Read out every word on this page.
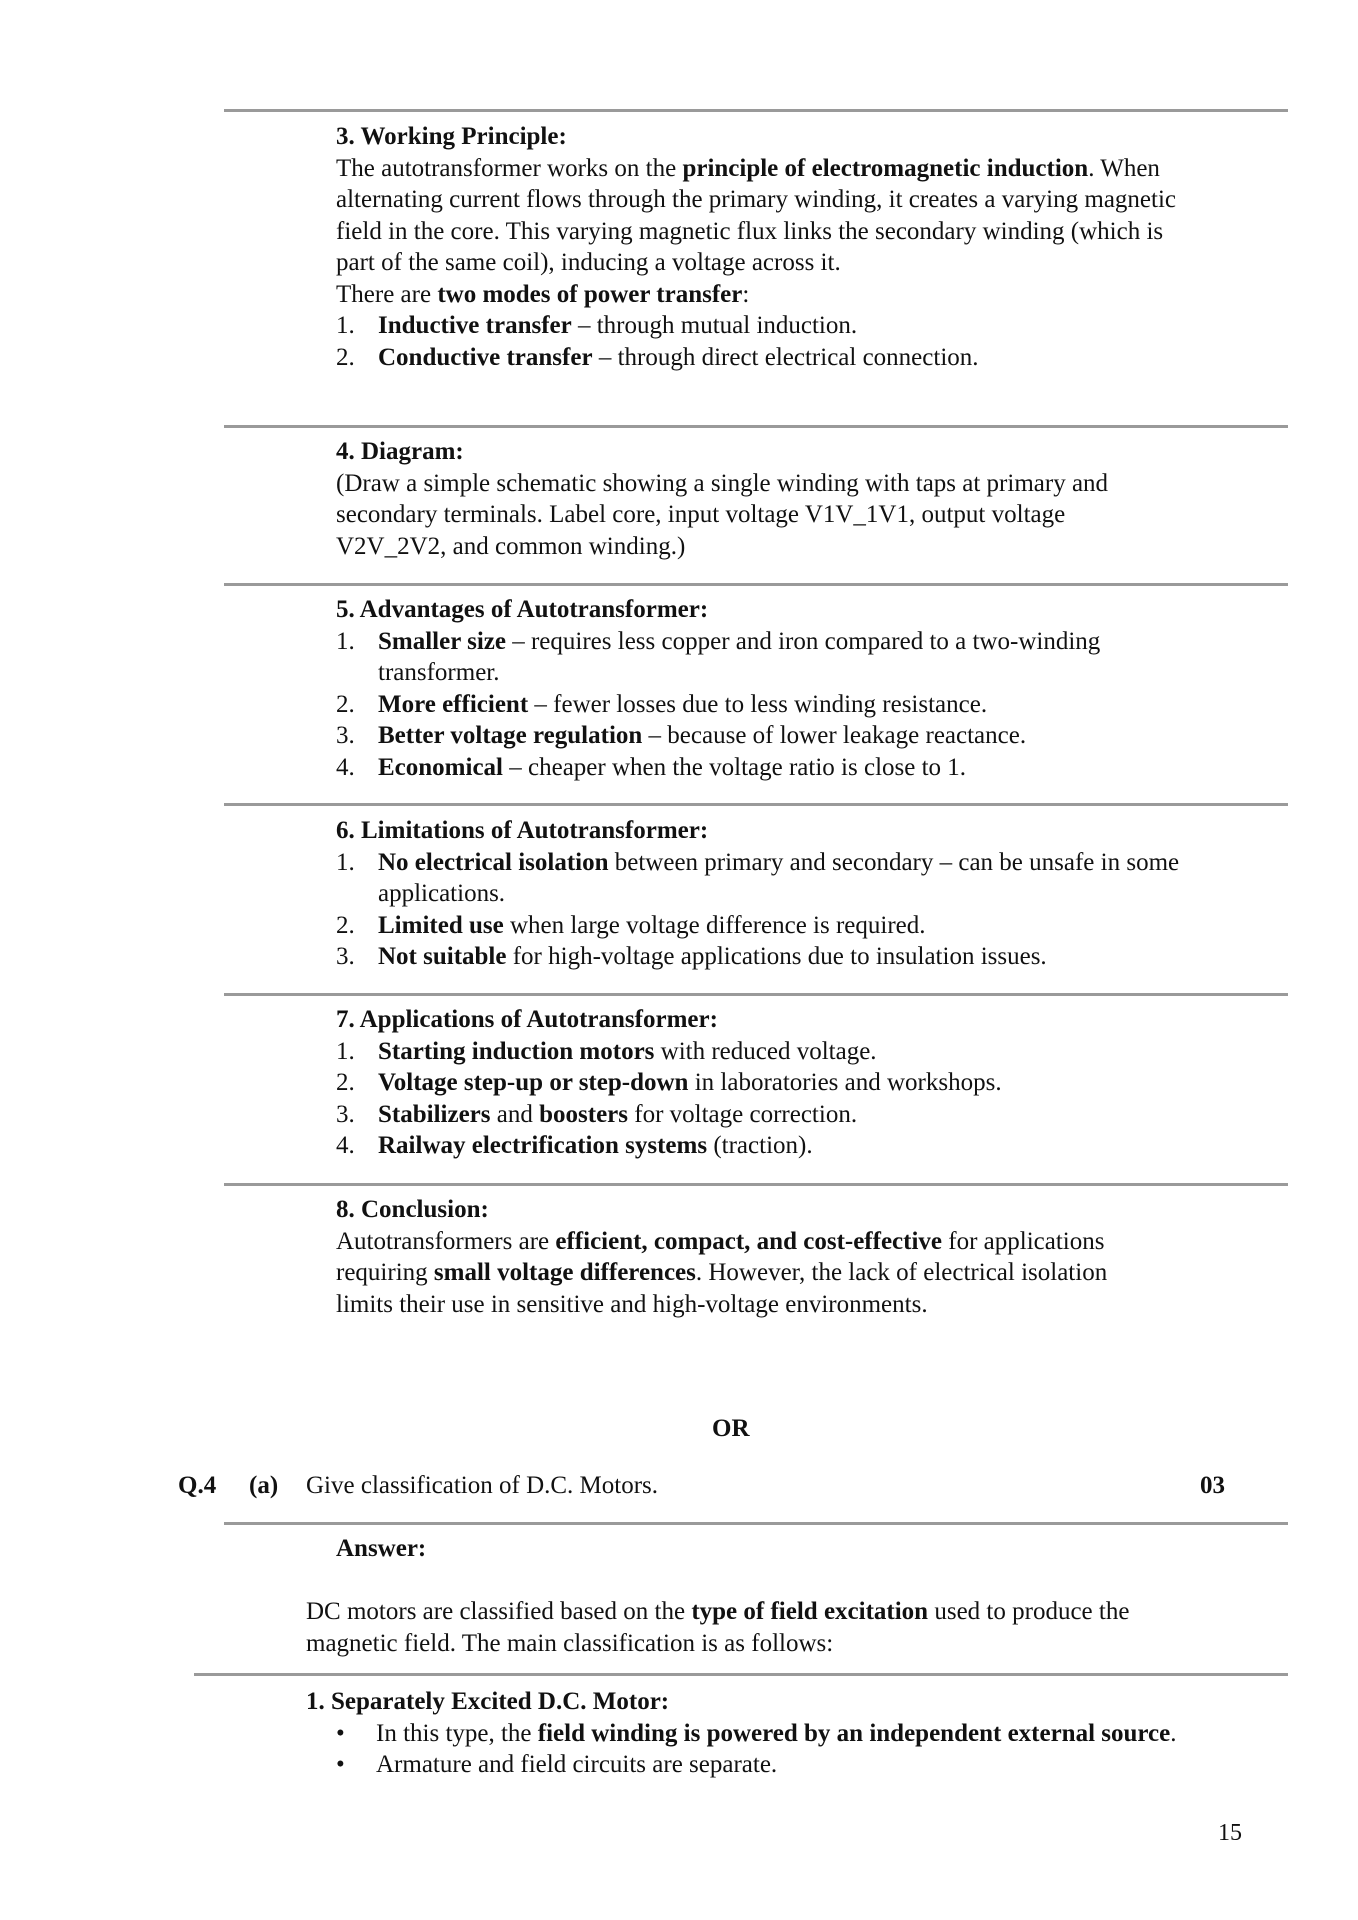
3. Working Principle:

The autotransformer works on the principle of electromagnetic induction. When alternating current flows through the primary winding, it creates a varying magnetic field in the core. This varying magnetic flux links the secondary winding (which is part of the same coil), inducing a voltage across it.

There are two modes of power transfer:

1. Inductive transfer – through mutual induction.
2. Conductive transfer – through direct electrical connection.

4. Diagram:

(Draw a simple schematic showing a single winding with taps at primary and secondary terminals. Label core, input voltage V1V_1V1, output voltage V2V_2V2, and common winding.)

5. Advantages of Autotransformer:

1. Smaller size – requires less copper and iron compared to a two-winding transformer.
2. More efficient – fewer losses due to less winding resistance.
3. Better voltage regulation – because of lower leakage reactance.
4. Economical – cheaper when the voltage ratio is close to 1.

6. Limitations of Autotransformer:

1. No electrical isolation between primary and secondary – can be unsafe in some applications.
2. Limited use when large voltage difference is required.
3. Not suitable for high-voltage applications due to insulation issues.

7. Applications of Autotransformer:

1. Starting induction motors with reduced voltage.
2. Voltage step-up or step-down in laboratories and workshops.
3. Stabilizers and boosters for voltage correction.
4. Railway electrification systems (traction).

8. Conclusion:

Autotransformers are efficient, compact, and cost-effective for applications requiring small voltage differences. However, the lack of electrical isolation limits their use in sensitive and high-voltage environments.

OR
Q.4 (a) Give classification of D.C. Motors.	03
Answer:

DC motors are classified based on the type of field excitation used to produce the magnetic field. The main classification is as follows:

1. Separately Excited D.C. Motor:

• In this type, the field winding is powered by an independent external source.
• Armature and field circuits are separate.
15
